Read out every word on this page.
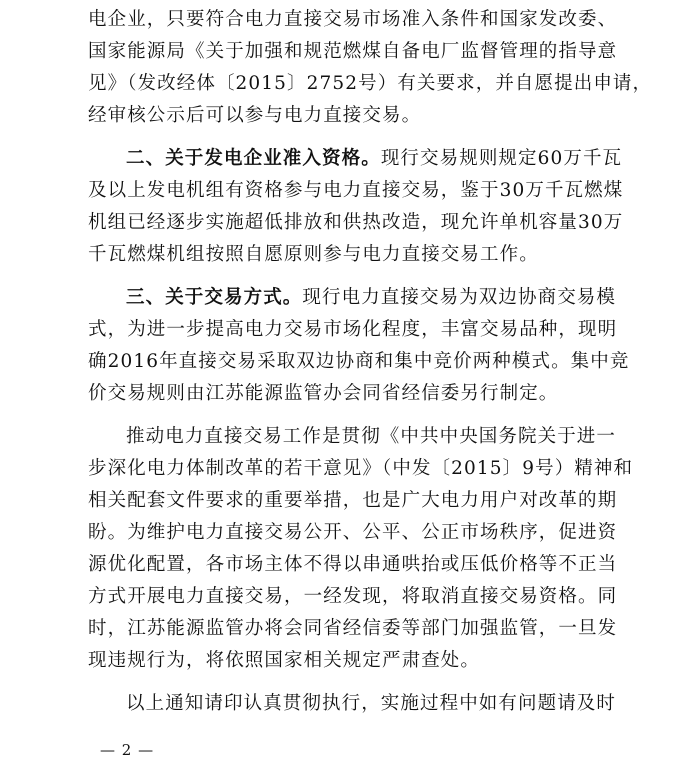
电企业，只要符合电力直接交易市场准入条件和国家发改委、
国家能源局《关于加强和规范燃煤自备电厂监督管理的指导意
见》（发改经体〔2015〕2752号）有关要求，并自愿提出申请，
经审核公示后可以参与电力直接交易。
二、关于发电企业准入资格。现行交易规则规定60万千瓦
及以上发电机组有资格参与电力直接交易，鉴于30万千瓦燃煤
机组已经逐步实施超低排放和供热改造，现允许单机容量30万
千瓦燃煤机组按照自愿原则参与电力直接交易工作。
三、关于交易方式。现行电力直接交易为双边协商交易模
式，为进一步提高电力交易市场化程度，丰富交易品种，现明
确2016年直接交易采取双边协商和集中竞价两种模式。集中竞
价交易规则由江苏能源监管办会同省经信委另行制定。
推动电力直接交易工作是贯彻《中共中央国务院关于进一
步深化电力体制改革的若干意见》（中发〔2015〕9号）精神和
相关配套文件要求的重要举措，也是广大电力用户对改革的期
盼。为维护电力直接交易公开、公平、公正市场秩序，促进资
源优化配置，各市场主体不得以串通哄抬或压低价格等不正当
方式开展电力直接交易，一经发现，将取消直接交易资格。同
时，江苏能源监管办将会同省经信委等部门加强监管，一旦发
现违规行为，将依照国家相关规定严肃查处。
以上通知请印认真贯彻执行，实施过程中如有问题请及时
— 2 —
